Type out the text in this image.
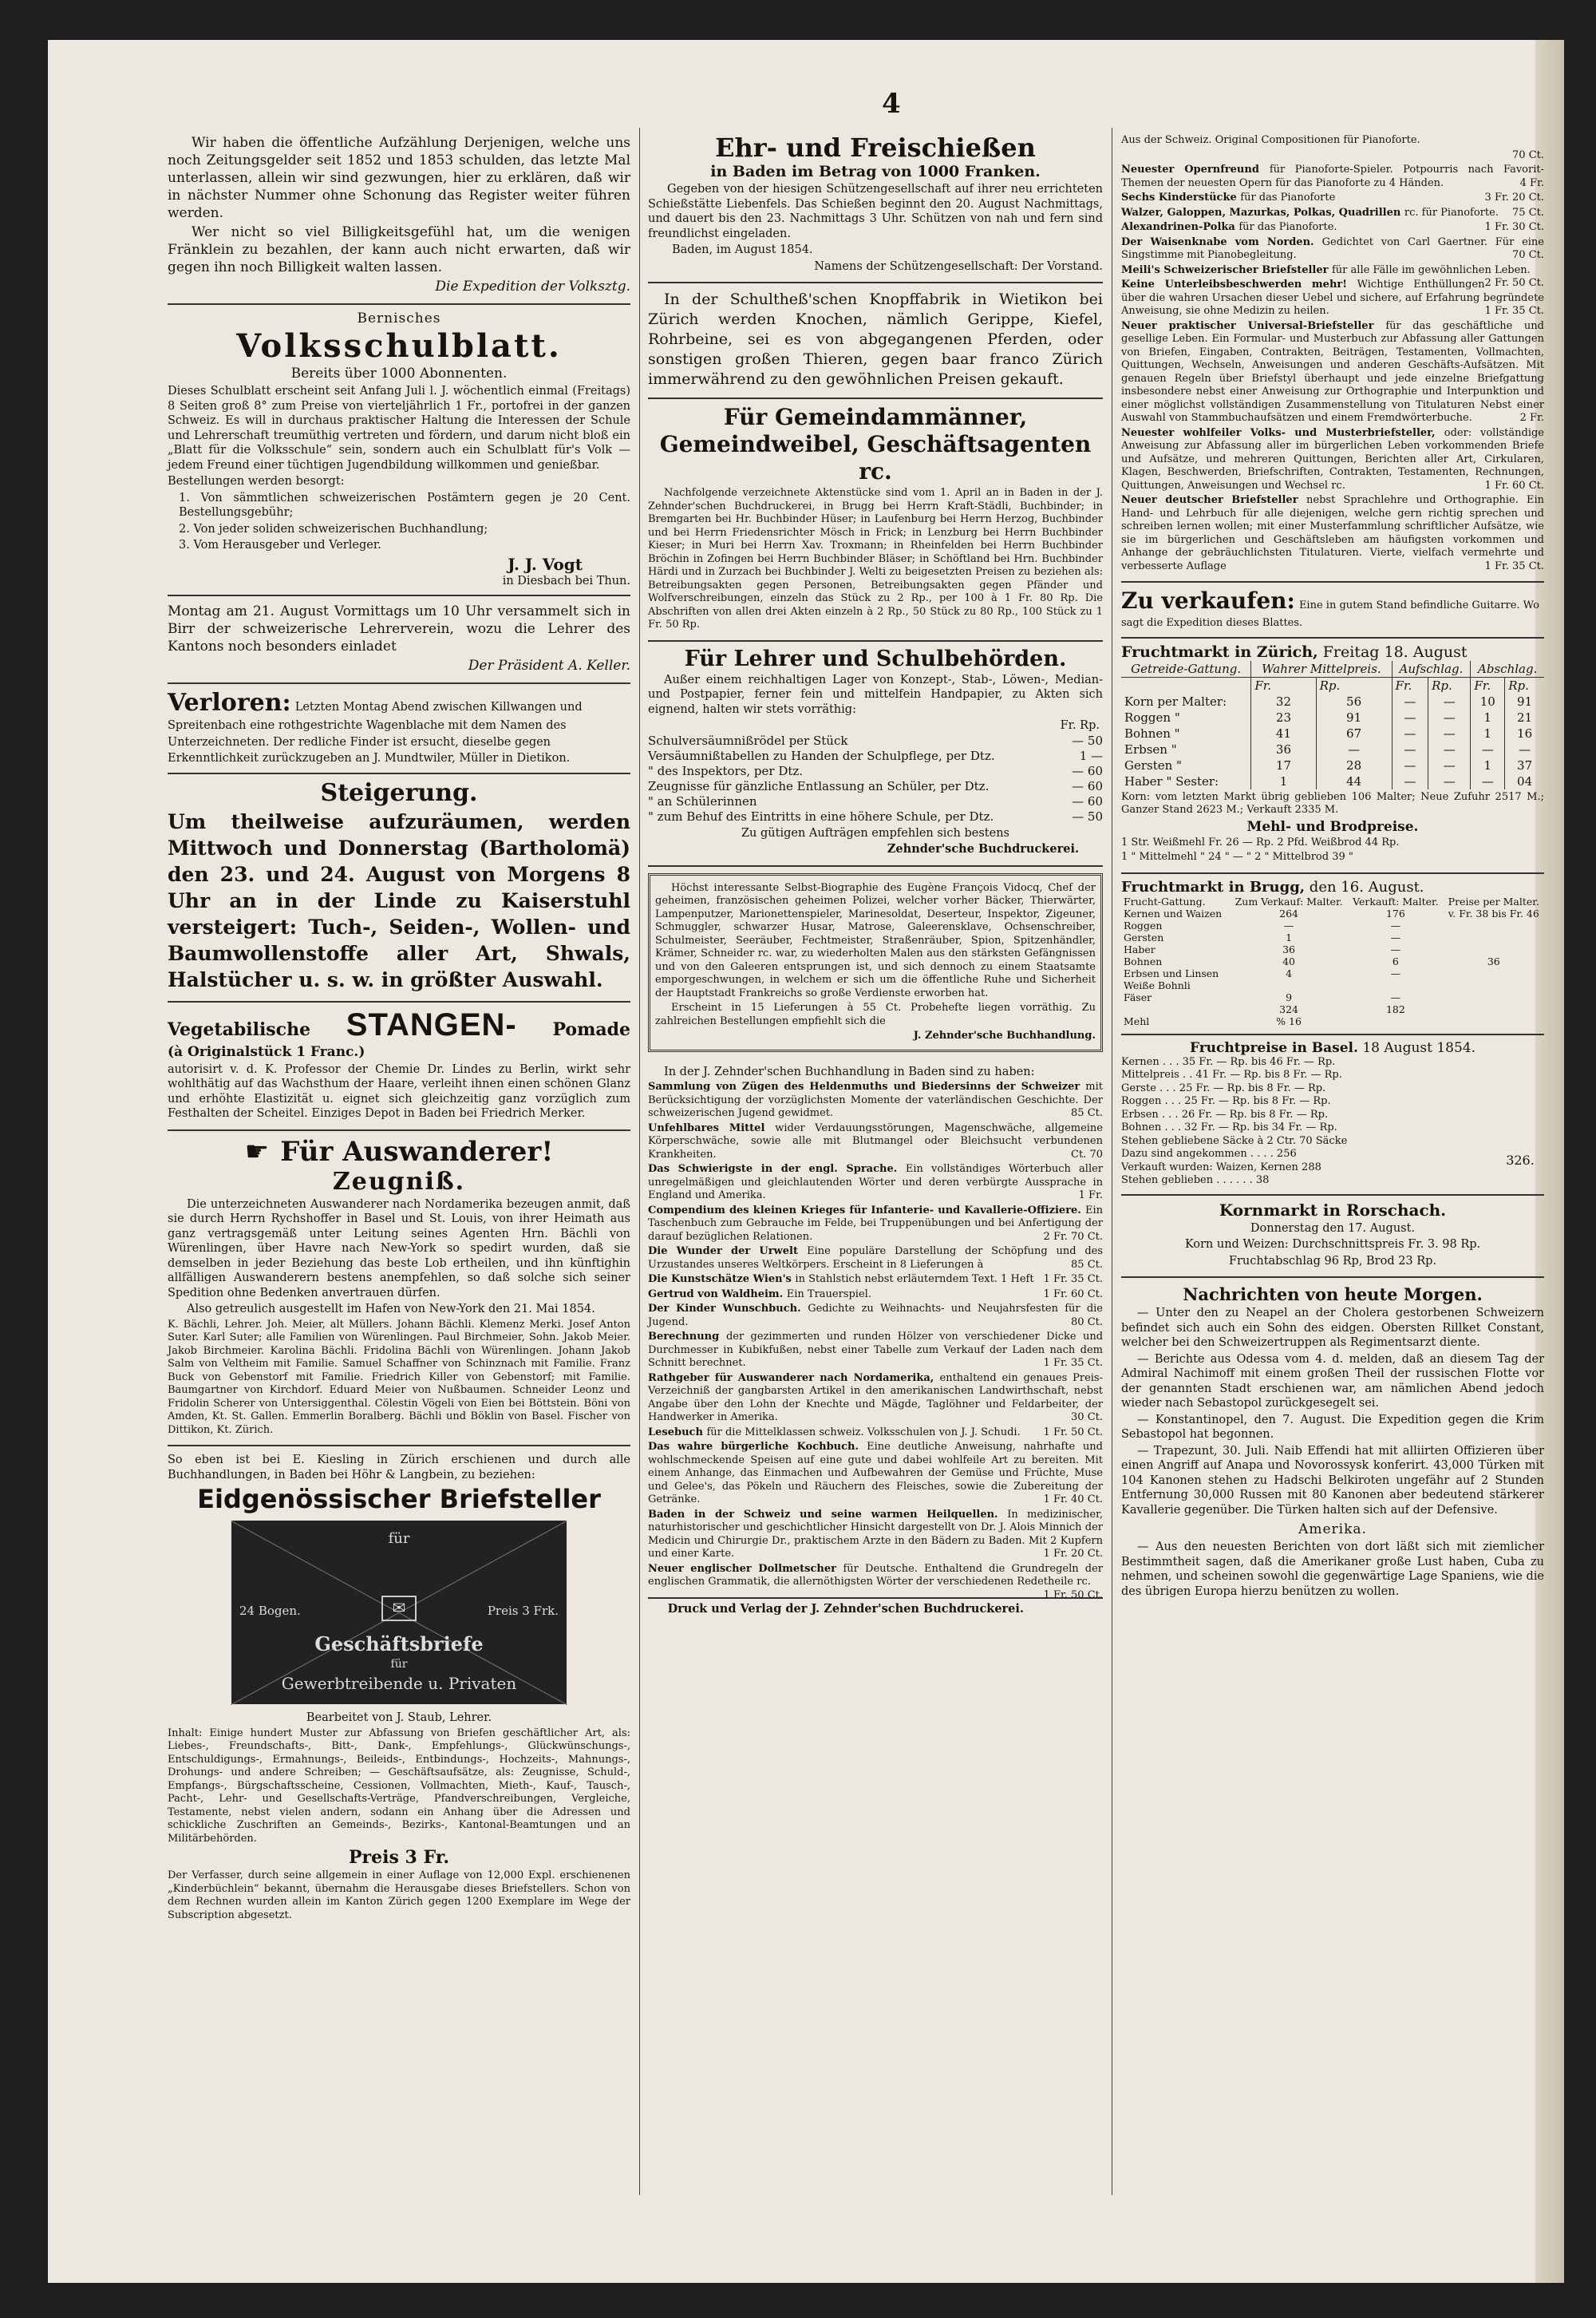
4

Wir haben die öffentliche Aufzählung Derjenigen, welche uns noch Zeitungsgelder seit 1852 und 1853 schulden, das letzte Mal unterlassen, allein wir sind gezwungen, hier zu erklären, daß wir in nächster Nummer ohne Schonung das Register weiter führen werden.

Wer nicht so viel Billigkeitsgefühl hat, um die wenigen Fränklein zu bezahlen, der kann auch nicht erwarten, daß wir gegen ihn noch Billigkeit walten lassen.

Die Expedition der Volksztg.

Bernisches
Volksschulblatt.
Bereits über 1000 Abonnenten.

Dieses Schulblatt erscheint seit Anfang Juli l. J. wöchentlich einmal (Freitags) 8 Seiten groß 8° zum Preise von vierteljährlich 1 Fr., portofrei in der ganzen Schweiz. Es will in durchaus praktischer Haltung die Interessen der Schule und Lehrerschaft treumüthig vertreten und fördern, und darum nicht bloß ein „Blatt für die Volksschule“ sein, sondern auch ein Schulblatt für's Volk — jedem Freund einer tüchtigen Jugendbildung willkommen und genießbar.

Bestellungen werden besorgt:

1. Von sämmtlichen schweizerischen Postämtern gegen je 20 Cent. Bestellungsgebühr;

2. Von jeder soliden schweizerischen Buchhandlung;

3. Vom Herausgeber und Verleger.

J. J. Vogt
in Diesbach bei Thun.

Montag am 21. August Vormittags um 10 Uhr versammelt sich in Birr der schweizerische Lehrerverein, wozu die Lehrer des Kantons noch besonders einladet

Der Präsident A. Keller.

Verloren: Letzten Montag Abend zwischen Killwangen und Spreitenbach eine rothgestrichte Wagenblache mit dem Namen des Unterzeichneten. Der redliche Finder ist ersucht, dieselbe gegen Erkenntlichkeit zurückzugeben an J. Mundtwiler, Müller in Dietikon.
Steigerung.

Um theilweise aufzuräumen, werden Mittwoch und Donnerstag (Bartholomä) den 23. und 24. August von Morgens 8 Uhr an in der Linde zu Kaiserstuhl versteigert: Tuch-, Seiden-, Wollen- und Baumwollenstoffe aller Art, Shwals, Halstücher u. s. w. in größter Auswahl.

Vegetabilische STANGEN- Pomade
(à Originalstück 1 Franc.)

autorisirt v. d. K. Professor der Chemie Dr. Lindes zu Berlin, wirkt sehr wohlthätig auf das Wachsthum der Haare, verleiht ihnen einen schönen Glanz und erhöhte Elastizität u. eignet sich gleichzeitig ganz vorzüglich zum Festhalten der Scheitel. Einziges Depot in Baden bei Friedrich Merker.

☛ Für Auswanderer!
Zeugniß.

Die unterzeichneten Auswanderer nach Nordamerika bezeugen anmit, daß sie durch Herrn Rychshoffer in Basel und St. Louis, von ihrer Heimath aus ganz vertragsgemäß unter Leitung seines Agenten Hrn. Bächli von Würenlingen, über Havre nach New-York so spedirt wurden, daß sie demselben in jeder Beziehung das beste Lob ertheilen, und ihn künftighin allfälligen Auswanderern bestens anempfehlen, so daß solche sich seiner Spedition ohne Bedenken anvertrauen dürfen.

Also getreulich ausgestellt im Hafen von New-York den 21. Mai 1854.

K. Bächli, Lehrer. Joh. Meier, alt Müllers. Johann Bächli. Klemenz Merki. Josef Anton Suter. Karl Suter; alle Familien von Würenlingen. Paul Birchmeier, Sohn. Jakob Meier. Jakob Birchmeier. Karolina Bächli. Fridolina Bächli von Würenlingen. Johann Jakob Salm von Veltheim mit Familie. Samuel Schaffner von Schinznach mit Familie. Franz Buck von Gebenstorf mit Familie. Friedrich Killer von Gebenstorf; mit Familie. Baumgartner von Kirchdorf. Eduard Meier von Nußbaumen. Schneider Leonz und Fridolin Scherer von Untersiggenthal. Cölestin Vögeli von Eien bei Böttstein. Böni von Amden, Kt. St. Gallen. Emmerlin Boralberg. Bächli und Böklin von Basel. Fischer von Dittikon, Kt. Zürich.

So eben ist bei E. Kiesling in Zürich erschienen und durch alle Buchhandlungen, in Baden bei Höhr & Langbein, zu beziehen:

Eidgenössischer Briefsteller
für
24 Bogen.	Preis 3 Frk.
✉
Geschäftsbriefe
für
Gewerbtreibende u. Privaten

Bearbeitet von J. Staub, Lehrer.

Inhalt: Einige hundert Muster zur Abfassung von Briefen geschäftlicher Art, als: Liebes-, Freundschafts-, Bitt-, Dank-, Empfehlungs-, Glückwünschungs-, Entschuldigungs-, Ermahnungs-, Beileids-, Entbindungs-, Hochzeits-, Mahnungs-, Drohungs- und andere Schreiben; — Geschäftsaufsätze, als: Zeugnisse, Schuld-, Empfangs-, Bürgschaftsscheine, Cessionen, Vollmachten, Mieth-, Kauf-, Tausch-, Pacht-, Lehr- und Gesellschafts-Verträge, Pfandverschreibungen, Vergleiche, Testamente, nebst vielen andern, sodann ein Anhang über die Adressen und schickliche Zuschriften an Gemeinds-, Bezirks-, Kantonal-Beamtungen und an Militärbehörden.

Preis 3 Fr.

Der Verfasser, durch seine allgemein in einer Auflage von 12,000 Expl. erschienenen „Kinderbüchlein“ bekannt, übernahm die Herausgabe dieses Briefstellers. Schon von dem Rechnen wurden allein im Kanton Zürich gegen 1200 Exemplare im Wege der Subscription abgesetzt.

Ehr- und Freischießen
in Baden im Betrag von 1000 Franken.

Gegeben von der hiesigen Schützengesellschaft auf ihrer neu errichteten Schießstätte Liebenfels. Das Schießen beginnt den 20. August Nachmittags, und dauert bis den 23. Nachmittags 3 Uhr. Schützen von nah und fern sind freundlichst eingeladen.

Baden, im August 1854.

Namens der Schützengesellschaft: Der Vorstand.

In der Schultheß'schen Knopffabrik in Wietikon bei Zürich werden Knochen, nämlich Gerippe, Kiefel, Rohrbeine, sei es von abgegangenen Pferden, oder sonstigen großen Thieren, gegen baar franco Zürich immerwährend zu den gewöhnlichen Preisen gekauft.

Für Gemeindammänner, Gemeindweibel, Geschäftsagenten rc.

Nachfolgende verzeichnete Aktenstücke sind vom 1. April an in Baden in der J. Zehnder'schen Buchdruckerei, in Brugg bei Herrn Kraft-Städli, Buchbinder; in Bremgarten bei Hr. Buchbinder Hüser; in Laufenburg bei Herrn Herzog, Buchbinder und bei Herrn Friedensrichter Mösch in Frick; in Lenzburg bei Herrn Buchbinder Kieser; in Muri bei Herrn Xav. Troxmann; in Rheinfelden bei Herrn Buchbinder Bröchin in Zofingen bei Herrn Buchbinder Bläser; in Schöftland bei Hrn. Buchbinder Härdi und in Zurzach bei Buchbinder J. Welti zu beigesetzten Preisen zu beziehen als: Betreibungsakten gegen Personen, Betreibungsakten gegen Pfänder und Wolfverschreibungen, einzeln das Stück zu 2 Rp., per 100 à 1 Fr. 80 Rp. Die Abschriften von allen drei Akten einzeln à 2 Rp., 50 Stück zu 80 Rp., 100 Stück zu 1 Fr. 50 Rp.

Für Lehrer und Schulbehörden.

Außer einem reichhaltigen Lager von Konzept-, Stab-, Löwen-, Median- und Postpapier, ferner fein und mittelfein Handpapier, zu Akten sich eignend, halten wir stets vorräthig:

Fr. Rp.
Schulversäumnißrödel per Stück	— 50
Versäumnißtabellen zu Handen der Schulpflege, per Dtz.	1 —
" des Inspektors, per Dtz.	— 60
Zeugnisse für gänzliche Entlassung an Schüler, per Dtz.	— 60
" an Schülerinnen	— 60
" zum Behuf des Eintritts in eine höhere Schule, per Dtz.	— 50

Zu gütigen Aufträgen empfehlen sich bestens

Zehnder'sche Buchdruckerei.

Höchst interessante Selbst-Biographie des Eugène François Vidocq, Chef der geheimen, französischen geheimen Polizei, welcher vorher Bäcker, Thierwärter, Lampenputzer, Marionettenspieler, Marinesoldat, Deserteur, Inspektor, Zigeuner, Schmuggler, schwarzer Husar, Matrose, Galeerensklave, Ochsenschreiber, Schulmeister, Seeräuber, Fechtmeister, Straßenräuber, Spion, Spitzenhändler, Krämer, Schneider rc. war, zu wiederholten Malen aus den stärksten Gefängnissen und von den Galeeren entsprungen ist, und sich dennoch zu einem Staatsamte emporgeschwungen, in welchem er sich um die öffentliche Ruhe und Sicherheit der Hauptstadt Frankreichs so große Verdienste erworben hat.

Erscheint in 15 Lieferungen à 55 Ct. Probehefte liegen vorräthig. Zu zahlreichen Bestellungen empfiehlt sich die

J. Zehnder'sche Buchhandlung.

In der J. Zehnder'schen Buchhandlung in Baden sind zu haben:

Sammlung von Zügen des Heldenmuths und Biedersinns der Schweizer mit Berücksichtigung der vorzüglichsten Momente der vaterländischen Geschichte. Der schweizerischen Jugend gewidmet.	85 Ct.

Unfehlbares Mittel wider Verdauungsstörungen, Magenschwäche, allgemeine Körperschwäche, sowie alle mit Blutmangel oder Bleichsucht verbundenen Krankheiten.	Ct. 70

Das Schwierigste in der engl. Sprache. Ein vollständiges Wörterbuch aller unregelmäßigen und gleichlautenden Wörter und deren verbürgte Aussprache in England und Amerika.	1 Fr.

Compendium des kleinen Krieges für Infanterie- und Kavallerie-Offiziere. Ein Taschenbuch zum Gebrauche im Felde, bei Truppenübungen und bei Anfertigung der darauf bezüglichen Relationen.	2 Fr. 70 Ct.

Die Wunder der Urwelt Eine populäre Darstellung der Schöpfung und des Urzustandes unseres Weltkörpers. Erscheint in 8 Lieferungen à	85 Ct.

Die Kunstschätze Wien's in Stahlstich nebst erläuterndem Text. 1 Heft 1 Fr. 35 Ct.

Gertrud von Waldheim. Ein Trauerspiel.	1 Fr. 60 Ct.

Der Kinder Wunschbuch. Gedichte zu Weihnachts- und Neujahrsfesten für die Jugend.	80 Ct.

Berechnung der gezimmerten und runden Hölzer von verschiedener Dicke und Durchmesser in Kubikfußen, nebst einer Tabelle zum Verkauf der Laden nach dem Schnitt berechnet.	1 Fr. 35 Ct.

Rathgeber für Auswanderer nach Nordamerika, enthaltend ein genaues Preis-Verzeichniß der gangbarsten Artikel in den amerikanischen Landwirthschaft, nebst Angabe über den Lohn der Knechte und Mägde, Taglöhner und Feldarbeiter, der Handwerker in Amerika.	30 Ct.

Lesebuch für die Mittelklassen schweiz. Volksschulen von J. J. Schudi. 1 Fr. 50 Ct.

Das wahre bürgerliche Kochbuch. Eine deutliche Anweisung, nahrhafte und wohlschmeckende Speisen auf eine gute und dabei wohlfeile Art zu bereiten. Mit einem Anhange, das Einmachen und Aufbewahren der Gemüse und Früchte, Muse und Gelee's, das Pökeln und Räuchern des Fleisches, sowie die Zubereitung der Getränke.	1 Fr. 40 Ct.

Baden in der Schweiz und seine warmen Heilquellen. In medizinischer, naturhistorischer und geschichtlicher Hinsicht dargestellt von Dr. J. Alois Minnich der Medicin und Chirurgie Dr., praktischem Arzte in den Bädern zu Baden. Mit 2 Kupfern und einer Karte.	1 Fr. 20 Ct.

Neuer englischer Dollmetscher für Deutsche. Enthaltend die Grundregeln der englischen Grammatik, die allernöthigsten Wörter der verschiedenen Redetheile rc.
1 Fr. 50 Ct.

Druck und Verlag der J. Zehnder'schen Buchdruckerei.

Aus der Schweiz. Original Compositionen für Pianoforte.

70 Ct.

Neuester Opernfreund für Pianoforte-Spieler. Potpourris nach Favorit-Themen der neuesten Opern für das Pianoforte zu 4 Händen.	4 Fr.

Sechs Kinderstücke für das Pianoforte	3 Fr. 20 Ct.

Walzer, Galoppen, Mazurkas, Polkas, Quadrillen rc. für Pianoforte. 75 Ct.

Alexandrinen-Polka für das Pianoforte.	1 Fr. 30 Ct.

Der Waisenknabe vom Norden. Gedichtet von Carl Gaertner. Für eine Singstimme mit Pianobegleitung.	70 Ct.

Meili's Schweizerischer Briefsteller für alle Fälle im gewöhnlichen Leben.
2 Fr. 50 Ct.

Keine Unterleibsbeschwerden mehr! Wichtige Enthüllungen über die wahren Ursachen dieser Uebel und sichere, auf Erfahrung begründete Anweisung, sie ohne Medizin zu heilen.	1 Fr. 35 Ct.

Neuer praktischer Universal-Briefsteller für das geschäftliche und gesellige Leben. Ein Formular- und Musterbuch zur Abfassung aller Gattungen von Briefen, Eingaben, Contrakten, Beiträgen, Testamenten, Vollmachten, Quittungen, Wechseln, Anweisungen und anderen Geschäfts-Aufsätzen. Mit genauen Regeln über Briefstyl überhaupt und jede einzelne Briefgattung insbesondere nebst einer Anweisung zur Orthographie und Interpunktion und einer möglichst vollständigen Zusammenstellung von Titulaturen Nebst einer Auswahl von Stammbuchaufsätzen und einem Fremdwörterbuche.	2 Fr.

Neuester wohlfeiler Volks- und Musterbriefsteller, oder: vollständige Anweisung zur Abfassung aller im bürgerlichen Leben vorkommenden Briefe und Aufsätze, und mehreren Quittungen, Berichten aller Art, Cirkularen, Klagen, Beschwerden, Briefschriften, Contrakten, Testamenten, Rechnungen, Quittungen, Anweisungen und Wechsel rc.	1 Fr. 60 Ct.

Neuer deutscher Briefsteller nebst Sprachlehre und Orthographie. Ein Hand- und Lehrbuch für alle diejenigen, welche gern richtig sprechen und schreiben lernen wollen; mit einer Musterfammlung schriftlicher Aufsätze, wie sie im bürgerlichen und Geschäftsleben am häufigsten vorkommen und Anhange der gebräuchlichsten Titulaturen. Vierte, vielfach vermehrte und verbesserte Auflage	1 Fr. 35 Ct.

Zu verkaufen: Eine in gutem Stand befindliche Guitarre. Wo sagt die Expedition dieses Blattes.
Fruchtmarkt in Zürich, Freitag 18. August
Getreide-Gattung.	Wahrer Mittelpreis.		Aufschlag.		Abschlag.	
	Fr.	Rp.	Fr.	Rp.	Fr.	Rp.
Korn per Malter:	32	56	—	—	10	91
Roggen "	23	91	—	—	1	21
Bohnen "	41	67	—	—	1	16
Erbsen "	36	—	—	—	—	—
Gersten "	17	28	—	—	1	37
Haber " Sester:	1	44	—	—	—	04

Korn: vom letzten Markt übrig geblieben 106 Malter; Neue Zufuhr 2517 M.; Ganzer Stand 2623 M.; Verkauft 2335 M.

Mehl- und Brodpreise.

1 Str. Weißmehl Fr. 26 — Rp. 2 Pfd. Weißbrod 44 Rp.

1 " Mittelmehl " 24 " — " 2 " Mittelbrod 39 "

Fruchtmarkt in Brugg, den 16. August.
Frucht-Gattung.	Zum Verkauf: Malter.	Verkauft: Malter.	Preise per Malter.
Kernen und Waizen	264	176	v. Fr. 38 bis Fr. 46
Roggen	—	—	
Gersten	1	—	
Haber	36	—	
Bohnen	40	6	36
Erbsen und Linsen	4	—	
Weiße Bohnli			
Fäser	9	—	
	324	182	
Mehl	% 16		
Fruchtpreise in Basel. 18 August 1854.
Kernen . . . 35 Fr. — Rp. bis 46 Fr. — Rp.
Mittelpreis . . 41 Fr. — Rp. bis 8 Fr. — Rp.
Gerste . . . 25 Fr. — Rp. bis 8 Fr. — Rp.
Roggen . . . 25 Fr. — Rp. bis 8 Fr. — Rp.
Erbsen . . . 26 Fr. — Rp. bis 8 Fr. — Rp.
Bohnen . . . 32 Fr. — Rp. bis 34 Fr. — Rp.
Stehen gebliebene Säcke à 2 Ctr. 70 Säcke
Dazu sind angekommen . . . . 256
Verkauft wurden: Waizen, Kernen 288
Stehen geblieben . . . . . . 38
326.
Kornmarkt in Rorschach.

Donnerstag den 17. August.

Korn und Weizen: Durchschnittspreis Fr. 3. 98 Rp.

Fruchtabschlag 96 Rp, Brod 23 Rp.

Nachrichten von heute Morgen.

— Unter den zu Neapel an der Cholera gestorbenen Schweizern befindet sich auch ein Sohn des eidgen. Obersten Rillket Constant, welcher bei den Schweizertruppen als Regimentsarzt diente.

— Berichte aus Odessa vom 4. d. melden, daß an diesem Tag der Admiral Nachimoff mit einem großen Theil der russischen Flotte vor der genannten Stadt erschienen war, am nämlichen Abend jedoch wieder nach Sebastopol zurückgesegelt sei.

— Konstantinopel, den 7. August. Die Expedition gegen die Krim Sebastopol hat begonnen.

— Trapezunt, 30. Juli. Naib Effendi hat mit alliirten Offizieren über einen Angriff auf Anapa und Novorossysk konferirt. 43,000 Türken mit 104 Kanonen stehen zu Hadschi Belkiroten ungefähr auf 2 Stunden Entfernung 30,000 Russen mit 80 Kanonen aber bedeutend stärkerer Kavallerie gegenüber. Die Türken halten sich auf der Defensive.

Amerika.

— Aus den neuesten Berichten von dort läßt sich mit ziemlicher Bestimmtheit sagen, daß die Amerikaner große Lust haben, Cuba zu nehmen, und scheinen sowohl die gegenwärtige Lage Spaniens, wie die des übrigen Europa hierzu benützen zu wollen.
